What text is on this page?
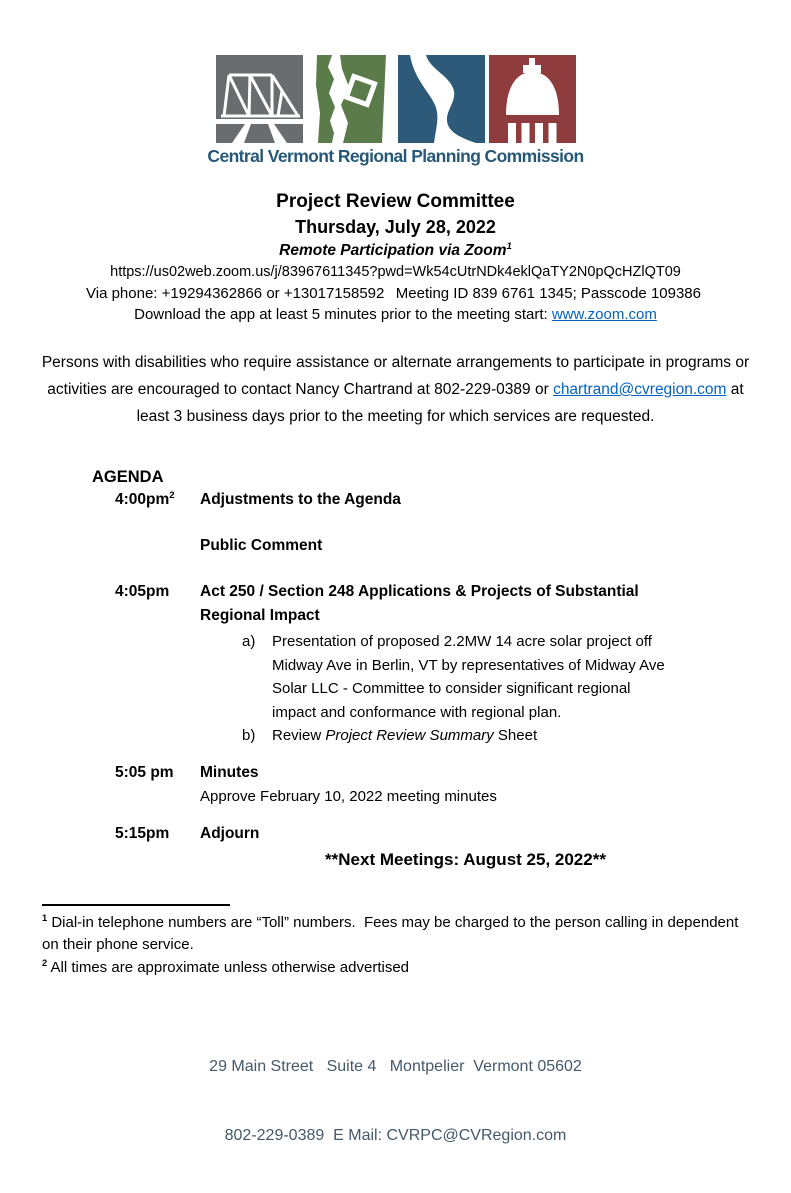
Central Vermont Regional Planning Commission
Project Review Committee
Thursday, July 28, 2022
Remote Participation via Zoom$^1$
https://us02web.zoom.us/j/83967611345?pwd=Wk54cUtrNDk4eklQaTY2N0pQcHZlQT09
Via phone: +19294362866 or +13017158592 Meeting ID 839 6761 1345; Passcode 109386
Download the app at least 5 minutes prior to the meeting start: www.zoom.com

Persons with disabilities who require assistance or alternate arrangements to participate in programs or activities are encouraged to contact Nancy Chartrand at 802-229-0389 or chartrand@cvregion.com at least 3 business days prior to the meeting for which services are requested.

AGENDA
$4:00pm^2$	Adjustments to the Agenda
Public Comment
4:05pm	Act 250 / Section 248 Applications & Projects of Substantial Regional Impact
a)	Presentation of proposed 2.2MW 14 acre solar project off Midway Ave in Berlin, VT by representatives of Midway Ave Solar LLC - Committee to consider significant regional impact and conformance with regional plan.
b)	Review Project Review Summary Sheet
5:05 pm	Minutes
Approve February 10, 2022 meeting minutes
5:15pm	Adjourn
**Next Meetings: August 25, 2022**
$^1$ Dial-in telephone numbers are “Toll” numbers.  Fees may be charged to the person calling in dependent on their phone service.
$^2$ All times are approximate unless otherwise advertised

29 Main Street   Suite 4   Montpelier  Vermont 05602

802-229-0389  E Mail: CVRPC@CVRegion.com
